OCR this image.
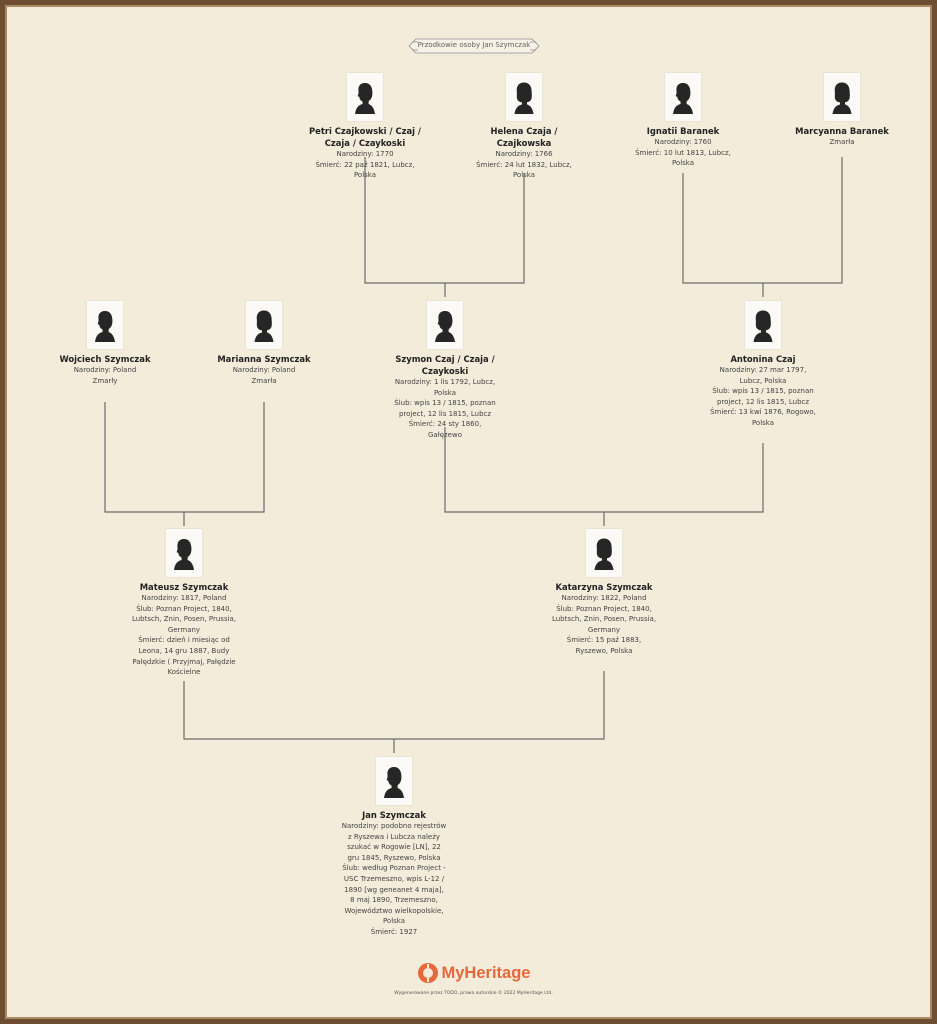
Przodkowie osoby Jan Szymczak
Petri Czajkowski / Czaj / Czaja / Czaykoski
Narodziny: 1770
Śmierć: 22 paź 1821, Lubcz, Polska
Helena Czaja / Czajkowska
Narodziny: 1766
Śmierć: 24 lut 1832, Lubcz, Polska
Ignatii Baranek
Narodziny: 1760
Śmierć: 10 lut 1813, Lubcz, Polska
Marcyanna Baranek
Zmarła
Wojciech Szymczak
Narodziny: Poland
Zmarły
Marianna Szymczak
Narodziny: Poland
Zmarła
Szymon Czaj / Czaja / Czaykoski
Narodziny: 1 lis 1792, Lubcz, Polska
Ślub: wpis 13 / 1815, poznan project, 12 lis 1815, Lubcz
Śmierć: 24 sty 1860, Gałęzewo
Antonina Czaj
Narodziny: 27 mar 1797, Lubcz, Polska
Ślub: wpis 13 / 1815, poznan project, 12 lis 1815, Lubcz
Śmierć: 13 kwi 1876, Rogowo, Polska
Mateusz Szymczak
Narodziny: 1817, Poland
Ślub: Poznan Project, 1840, Lubtsch, Znin, Posen, Prussia, Germany
Śmierć: dzień i miesiąc od Leona, 14 gru 1887, Budy Pałędzkie ( Przyjmaj, Pałędzie Kościelne
Katarzyna Szymczak
Narodziny: 1822, Poland
Ślub: Poznan Project, 1840, Lubtsch, Znin, Posen, Prussia, Germany
Śmierć: 15 paź 1883, Ryszewo, Polska
Jan Szymczak
Narodziny: podobno rejestrów z Ryszewa i Lubcza należy szukać w Rogowie [LN], 22 gru 1845, Ryszewo, Polska
Ślub: według Poznan Project - USC Trzemeszno, wpis L-12 / 1890 [wg geneanet 4 maja], 8 maj 1890, Trzemeszno, Województwo wielkopolskie, Polska
Śmierć: 1927
MyHeritage
Wygenerowane przez TODO, prawa autorskie © 2022 MyHeritage Ltd.
